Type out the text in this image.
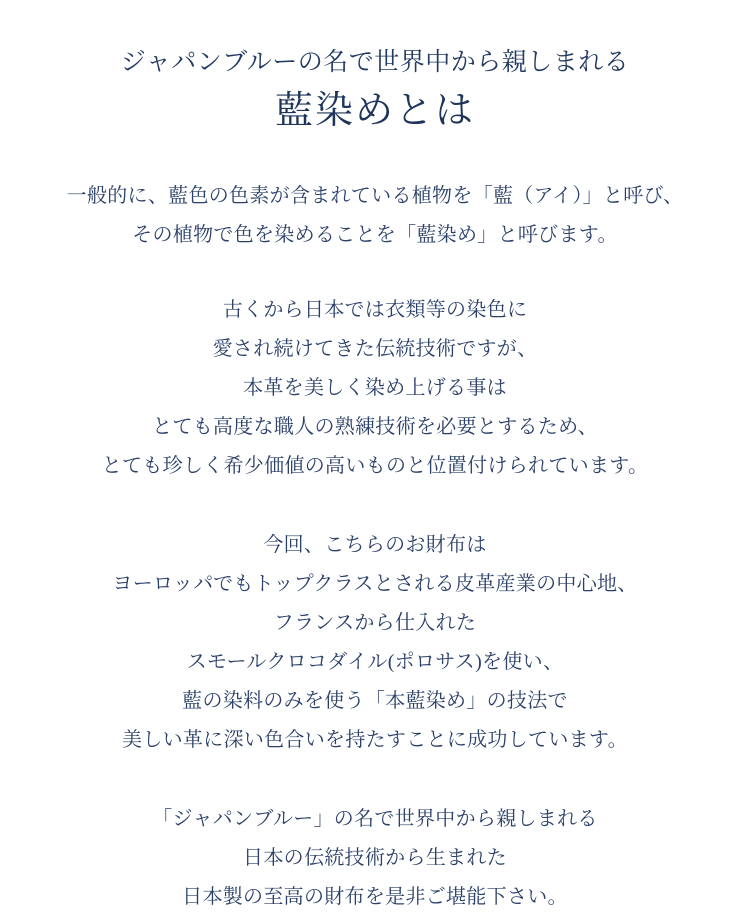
ジャパンブルーの名で世界中から親しまれる
藍染めとは
一般的に、藍色の色素が含まれている植物を「藍（アイ）」と呼び、
その植物で色を染めることを「藍染め」と呼びます。
古くから日本では衣類等の染色に
愛され続けてきた伝統技術ですが、
本革を美しく染め上げる事は
とても高度な職人の熟練技術を必要とするため、
とても珍しく希少価値の高いものと位置付けられています。
今回、こちらのお財布は
ヨーロッパでもトップクラスとされる皮革産業の中心地、
フランスから仕入れた
スモールクロコダイル(ポロサス)を使い、
藍の染料のみを使う「本藍染め」の技法で
美しい革に深い色合いを持たすことに成功しています。
「ジャパンブルー」の名で世界中から親しまれる
日本の伝統技術から生まれた
日本製の至高の財布を是非ご堪能下さい。
